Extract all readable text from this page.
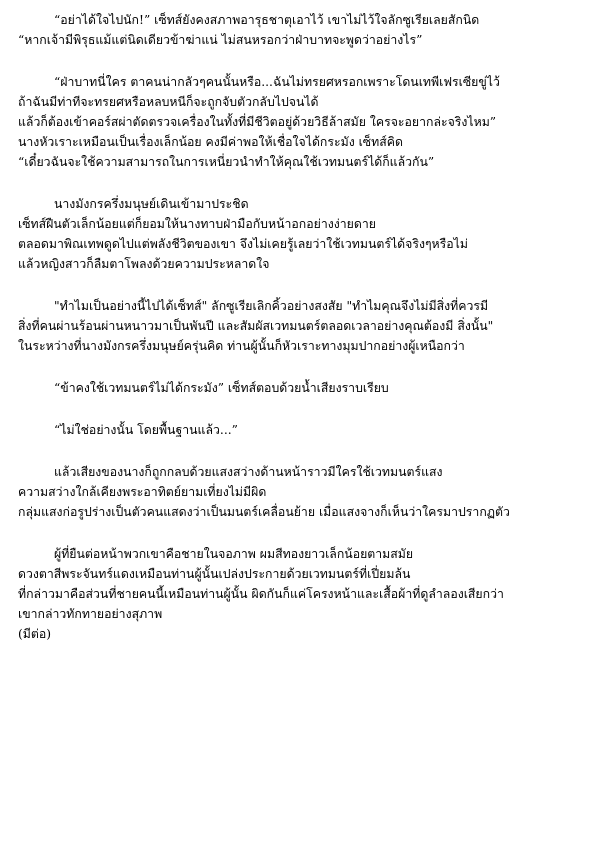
“อย่าได้ใจไปนัก!” เซ็ทส์ยังคงสภาพอารุธชาตุเอาไว้ เขาไม่ไว้ใจลักซูเรียเลยสักนิด
“หากเจ้ามีพิรุธแม้แต่นิดเดียวข้าฆ่าแน่ ไม่สนหรอกว่าฝ่าบาทจะพูดว่าอย่างไร”
“ฝ่าบาทนี่ใคร ตาคนน่ากลัวๆคนนั้นหรือ...ฉันไม่ทรยศหรอกเพราะโดนเทพีเฟรเซียขู่ไว้
ถ้าฉันมีท่าทีจะทรยศหรือหลบหนีก็จะถูกจับตัวกลับไปจนได้
แล้วก็ต้องเข้าคอร์สผ่าตัดตรวจเครื่องในทั้งที่มีชีวิตอยู่ด้วยวิธีล้าสมัย ใครจะอยากล่ะจริงไหม”
นางหัวเราะเหมือนเป็นเรื่องเล็กน้อย คงมีค่าพอให้เชื่อใจได้กระมัง เซ็ทส์คิด
“เดี๋ยวฉันจะใช้ความสามารถในการเหนี่ยวนำทำให้คุณใช้เวทมนตร์ได้ก็แล้วกัน”
นางมังกรครึ่งมนุษย์เดินเข้ามาประชิด
เซ็ทส์ฝืนตัวเล็กน้อยแต่ก็ยอมให้นางทาบฝ่ามือกับหน้าอกอย่างง่ายดาย
ตลอดมาพิณเทพดูดไปแต่พลังชีวิตของเขา จึงไม่เคยรู้เลยว่าใช้เวทมนตร์ได้จริงๆหรือไม่
แล้วหญิงสาวก็ลืมตาโพลงด้วยความประหลาดใจ
"ทำไมเป็นอย่างนี้ไปได้เซ็ทส์" ลักซูเรียเลิกคิ้วอย่างสงสัย "ทำไมคุณจึงไม่มีสิ่งที่ควรมี
สิ่งที่คนผ่านร้อนผ่านหนาวมาเป็นพันปี และสัมผัสเวทมนตร์ตลอดเวลาอย่างคุณต้องมี สิ่งนั้น"
ในระหว่างที่นางมังกรครึ่งมนุษย์ครุ่นคิด ท่านผู้นั้นก็หัวเราะทางมุมปากอย่างผู้เหนือกว่า
“ข้าคงใช้เวทมนตร์ไม่ได้กระมัง” เซ็ทส์ตอบด้วยน้ำเสียงราบเรียบ
“ไม่ใช่อย่างนั้น โดยพื้นฐานแล้ว...”
แล้วเสียงของนางก็ถูกกลบด้วยแสงสว่างด้านหน้าราวมีใครใช้เวทมนตร์แสง
ความสว่างใกล้เคียงพระอาทิตย์ยามเที่ยงไม่มีผิด
กลุ่มแสงก่อรูปร่างเป็นตัวคนแสดงว่าเป็นมนตร์เคลื่อนย้าย เมื่อแสงจางก็เห็นว่าใครมาปรากฏตัว
ผู้ที่ยืนต่อหน้าพวกเขาคือชายในจอภาพ ผมสีทองยาวเล็กน้อยตามสมัย
ดวงตาสีพระจันทร์แดงเหมือนท่านผู้นั้นเปล่งประกายด้วยเวทมนตร์ที่เปี่ยมล้น
ที่กล่าวมาคือส่วนที่ชายคนนี้เหมือนท่านผู้นั้น ผิดกันก็แค่โครงหน้าและเสื้อผ้าที่ดูลำลองเสียกว่า
เขากล่าวทักทายอย่างสุภาพ
(มีต่อ)
